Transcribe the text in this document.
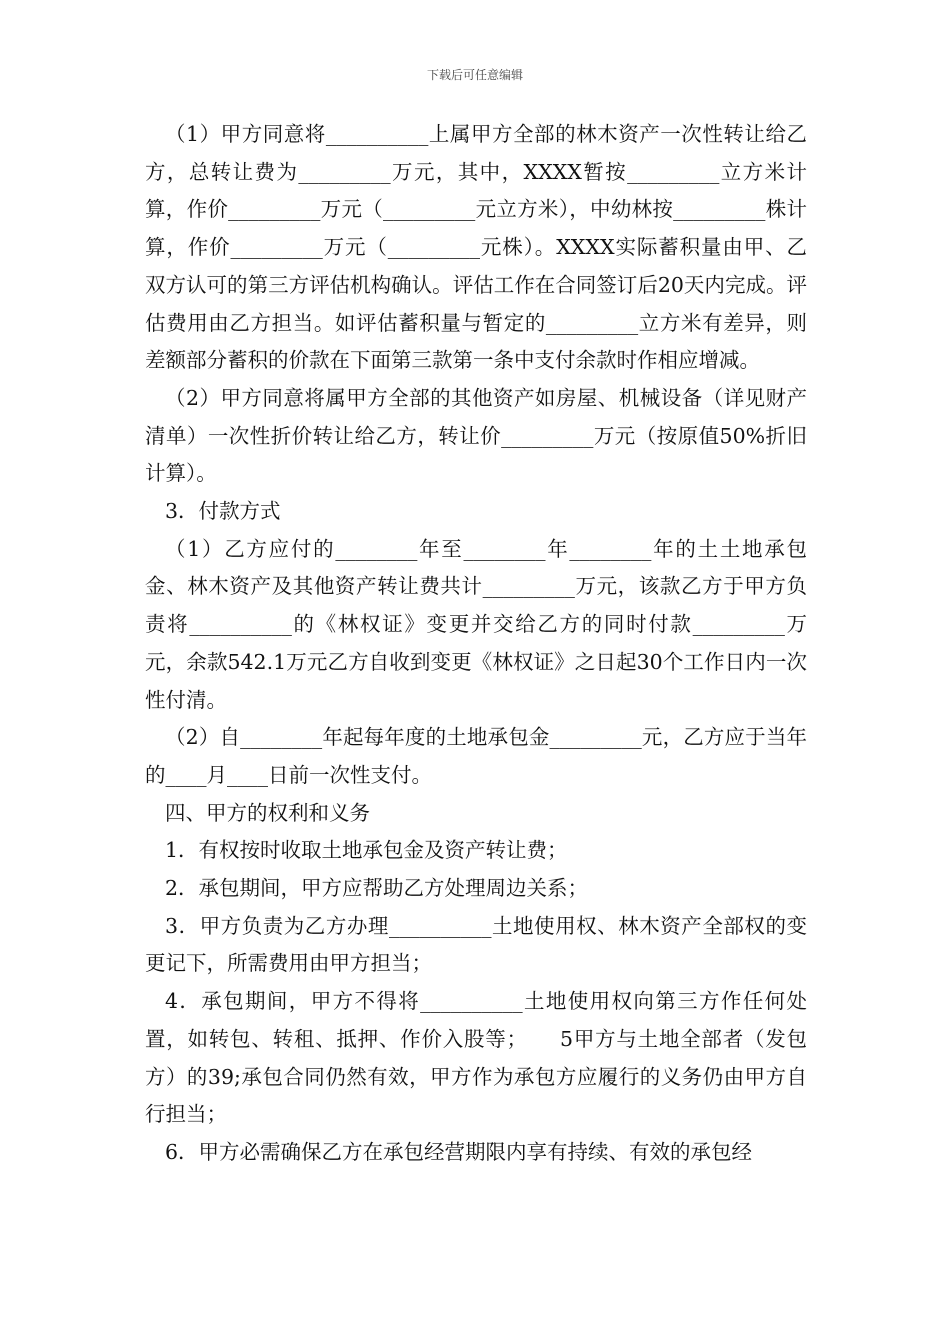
下载后可任意编辑

（1）甲方同意将__________上属甲方全部的林木资产一次性转让给乙方，总转让费为_________万元，其中，XXXX暂按_________立方米计算，作价_________万元（_________元立方米），中幼林按_________株计算，作价_________万元（_________元株）。XXXX实际蓄积量由甲、乙双方认可的第三方评估机构确认。评估工作在合同签订后20天内完成。评估费用由乙方担当。如评估蓄积量与暂定的_________立方米有差异，则差额部分蓄积的价款在下面第三款第一条中支付余款时作相应增减。

（2）甲方同意将属甲方全部的其他资产如房屋、机械设备（详见财产清单）一次性折价转让给乙方，转让价_________万元（按原值50%折旧计算）。

3．付款方式

（1）乙方应付的________年至________年________年的土土地承包金、林木资产及其他资产转让费共计_________万元，该款乙方于甲方负责将__________的《林权证》变更并交给乙方的同时付款_________万元，余款542.1万元乙方自收到变更《林权证》之日起30个工作日内一次性付清。

（2）自________年起每年度的土地承包金_________元，乙方应于当年的____月____日前一次性支付。

四、甲方的权利和义务

1．有权按时收取土地承包金及资产转让费；

2．承包期间，甲方应帮助乙方处理周边关系；

3．甲方负责为乙方办理__________土地使用权、林木资产全部权的变更记下，所需费用由甲方担当；

4．承包期间，甲方不得将__________土地使用权向第三方作任何处置，如转包、转租、抵押、作价入股等；　　5甲方与土地全部者（发包方）的39;承包合同仍然有效，甲方作为承包方应履行的义务仍由甲方自行担当；

6．甲方必需确保乙方在承包经营期限内享有持续、有效的承包经
